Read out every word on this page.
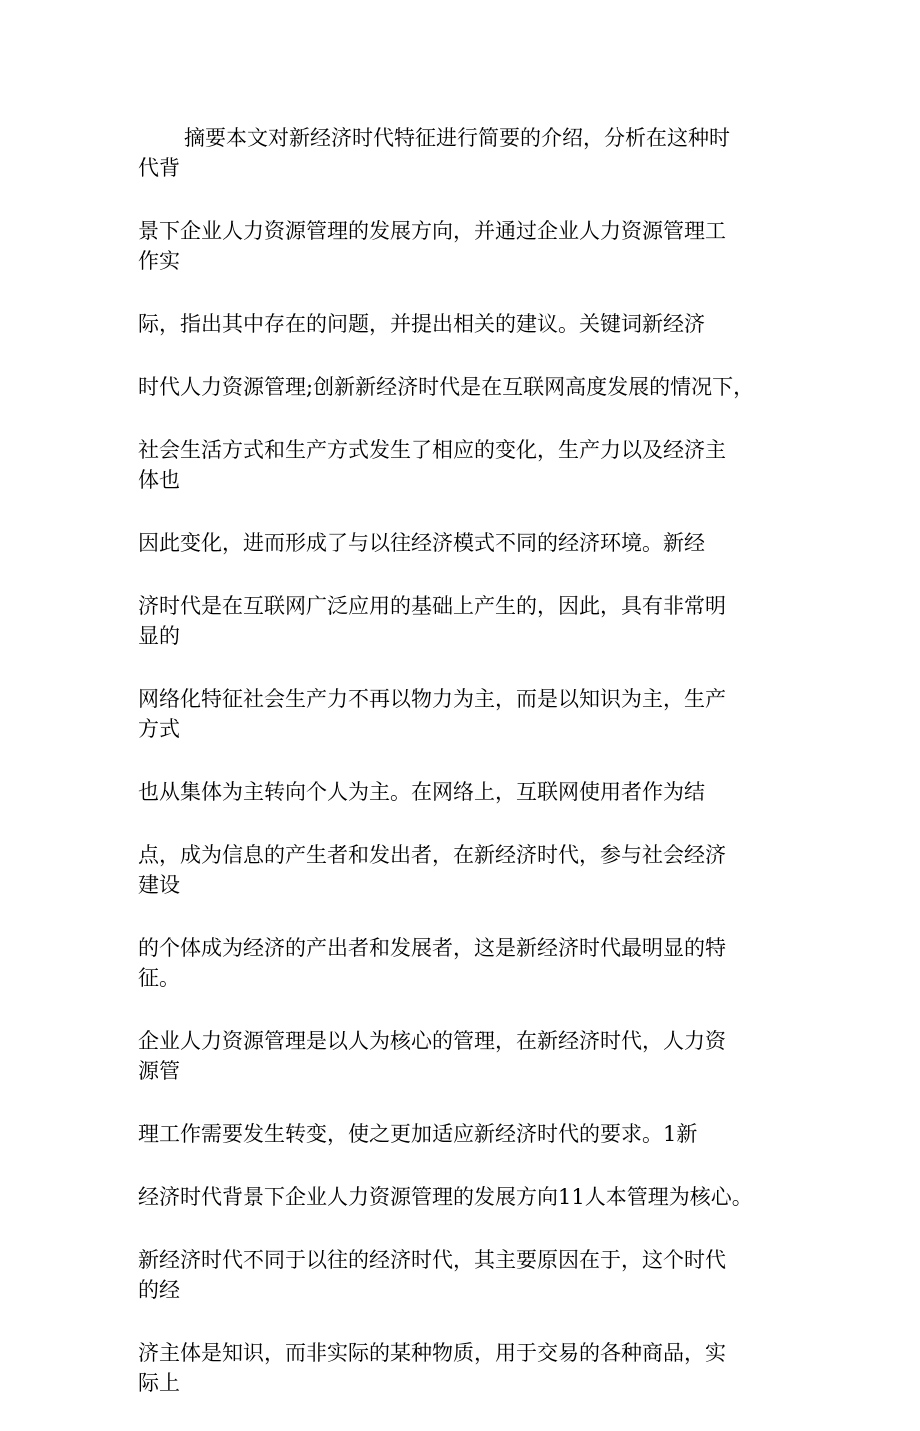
摘要本文对新经济时代特征进行简要的介绍，分析在这种时
代背

景下企业人力资源管理的发展方向，并通过企业人力资源管理工
作实

际，指出其中存在的问题，并提出相关的建议。关键词新经济

时代人力资源管理;创新新经济时代是在互联网高度发展的情况下，

社会生活方式和生产方式发生了相应的变化，生产力以及经济主
体也

因此变化，进而形成了与以往经济模式不同的经济环境。新经

济时代是在互联网广泛应用的基础上产生的，因此，具有非常明
显的

网络化特征社会生产力不再以物力为主，而是以知识为主，生产
方式

也从集体为主转向个人为主。在网络上，互联网使用者作为结

点，成为信息的产生者和发出者，在新经济时代，参与社会经济
建设

的个体成为经济的产出者和发展者，这是新经济时代最明显的特
征。

企业人力资源管理是以人为核心的管理，在新经济时代，人力资
源管

理工作需要发生转变，使之更加适应新经济时代的要求。1新

经济时代背景下企业人力资源管理的发展方向11人本管理为核心。

新经济时代不同于以往的经济时代，其主要原因在于，这个时代
的经

济主体是知识，而非实际的某种物质，用于交易的各种商品，实
际上
